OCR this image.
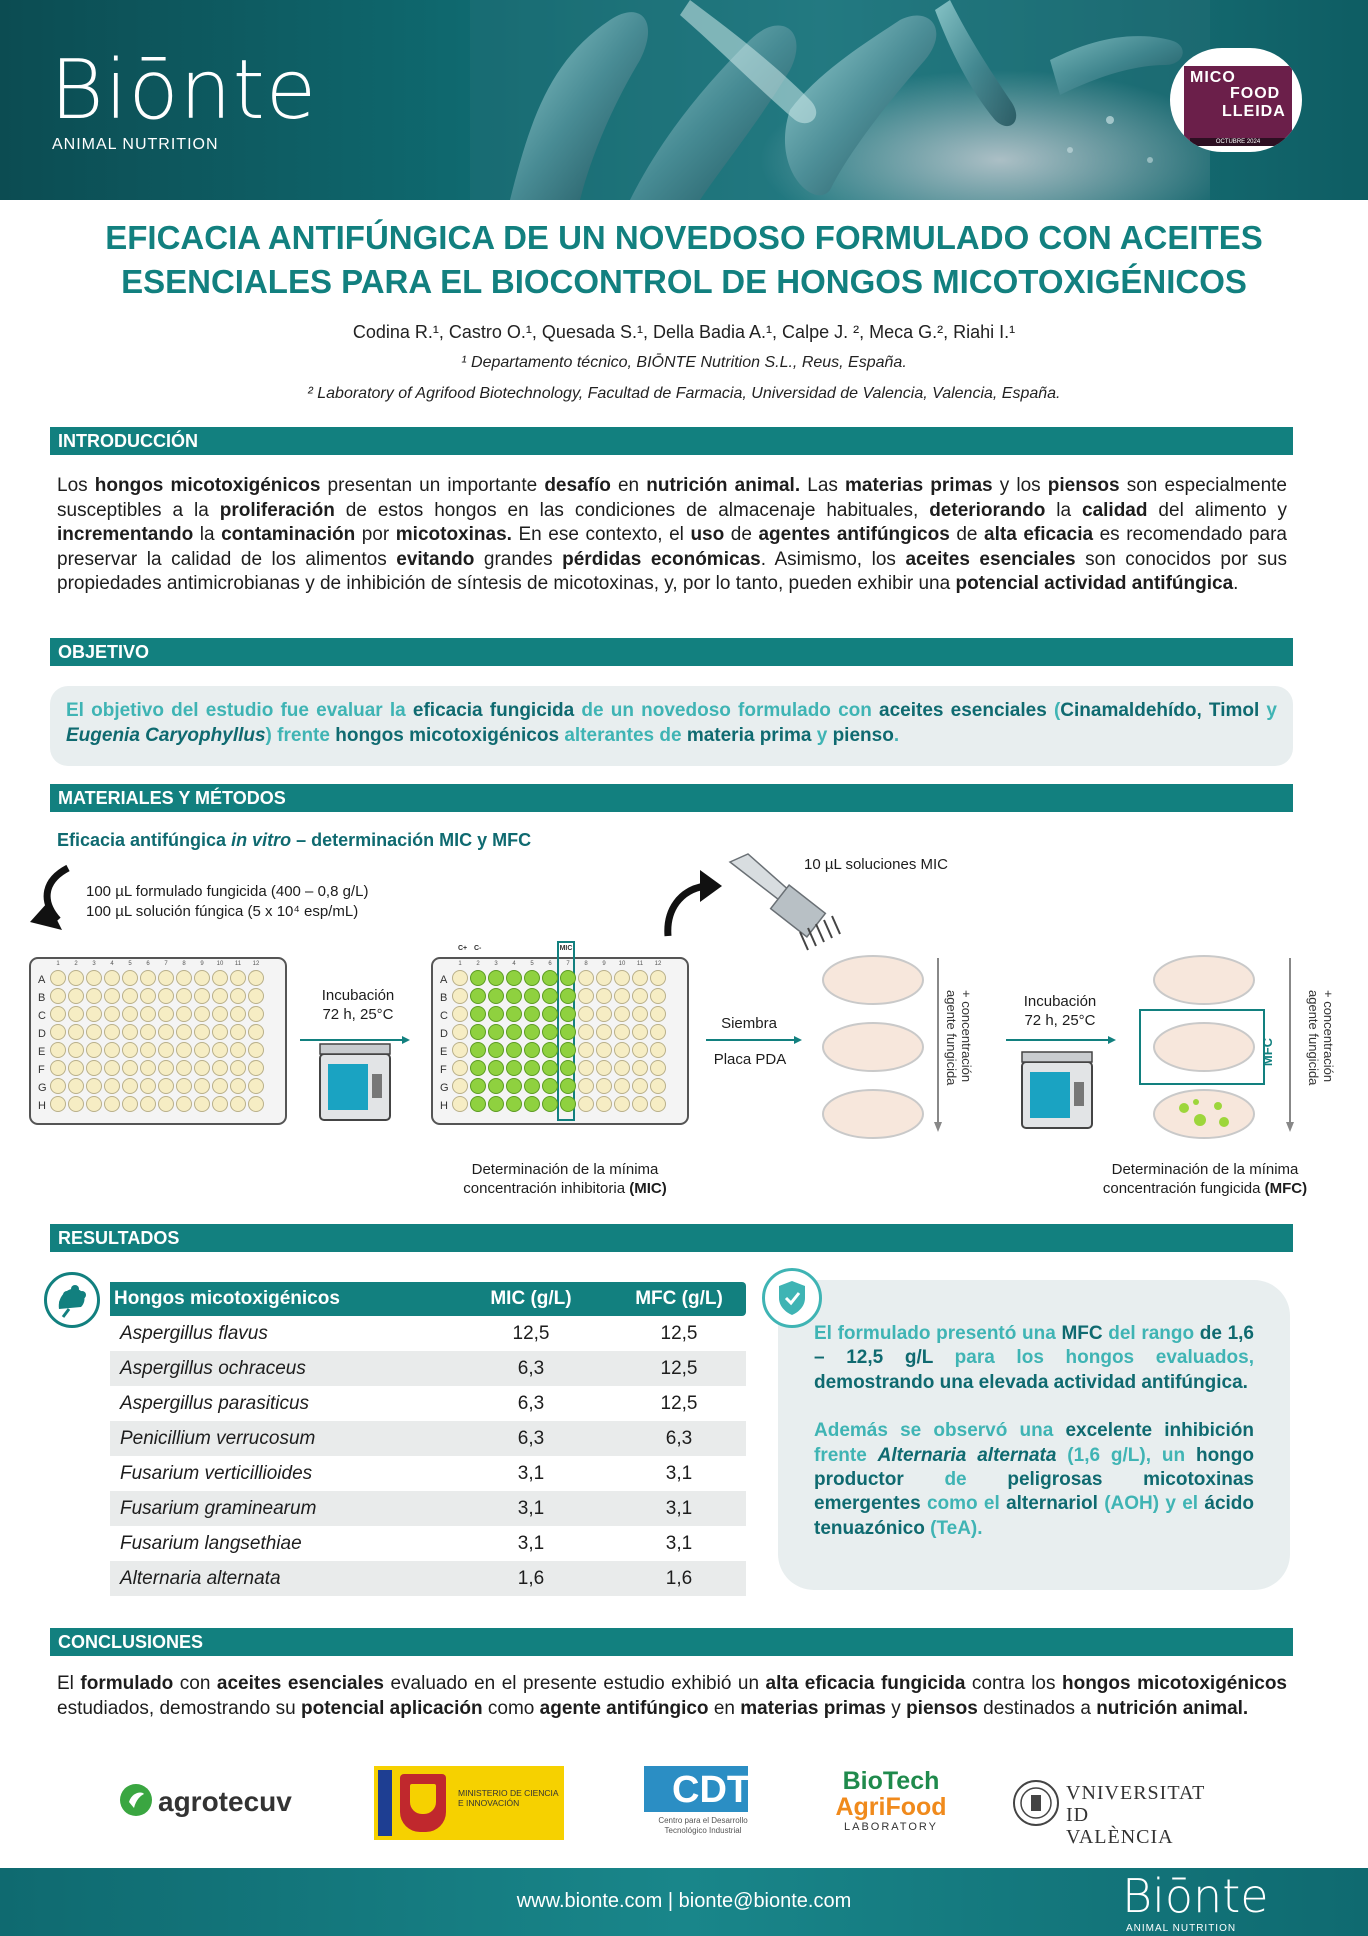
Biōnte
ANIMAL NUTRITION
MICO
FOOD
LLEIDA
OCTUBRE 2024
EFICACIA ANTIFÚNGICA DE UN NOVEDOSO FORMULADO CON ACEITES
ESENCIALES PARA EL BIOCONTROL DE HONGOS MICOTOXIGÉNICOS
Codina R.¹, Castro O.¹, Quesada S.¹, Della Badia A.¹, Calpe J. ², Meca G.², Riahi I.¹
¹ Departamento técnico, BIŌNTE Nutrition S.L., Reus, España.
² Laboratory of Agrifood Biotechnology, Facultad de Farmacia, Universidad de Valencia, Valencia, España.
INTRODUCCIÓN
Los hongos micotoxigénicos presentan un importante desafío en nutrición animal. Las materias primas y los piensos son especialmente susceptibles a la proliferación de estos hongos en las condiciones de almacenaje habituales, deteriorando la calidad del alimento y incrementando la contaminación por micotoxinas. En ese contexto, el uso de agentes antifúngicos de alta eficacia es recomendado para preservar la calidad de los alimentos evitando grandes pérdidas económicas. Asimismo, los aceites esenciales son conocidos por sus propiedades antimicrobianas y de inhibición de síntesis de micotoxinas, y, por lo tanto, pueden exhibir una potencial actividad antifúngica.
OBJETIVO
El objetivo del estudio fue evaluar la eficacia fungicida de un novedoso formulado con aceites esenciales (Cinamaldehído, Timol y Eugenia Caryophyllus) frente hongos micotoxigénicos alterantes de materia prima y pienso.
MATERIALES Y MÉTODOS
Eficacia antifúngica in vitro – determinación MIC y MFC
100 µL formulado fungicida (400 – 0,8 g/L)
100 µL solución fúngica (5 x 10⁴ esp/mL)
10 µL soluciones MIC
Incubación
72 h, 25°C
Incubación
72 h, 25°C
Siembra
Placa PDA	+ concentración agente fungicida	+ concentración agente fungicida
A
B
C
D
E
F
G
H
1 2 3 4 5 6 7 8 9 10 11 12
A
B
C
D
E
F
G
H
1 2 3 4 5 6 7 8 9 10 11 12
MIC
C+ C-
MFC
Determinación de la mínima
concentración inhibitoria (MIC)
Determinación de la mínima
concentración fungicida (MFC)
RESULTADOS
Hongos micotoxigénicos	MIC (g/L)	MFC (g/L)
Aspergillus flavus	12,5	12,5
Aspergillus ochraceus	6,3	12,5
Aspergillus parasiticus	6,3	12,5
Penicillium verrucosum	6,3	6,3
Fusarium verticillioides	3,1	3,1
Fusarium graminearum	3,1	3,1
Fusarium langsethiae	3,1	3,1
Alternaria alternata	1,6	1,6
El formulado presentó una MFC del rango de 1,6 – 12,5 g/L para los hongos evaluados, demostrando una elevada actividad antifúngica.
Además se observó una excelente inhibición frente Alternaria alternata (1,6 g/L), un hongo productor de peligrosas micotoxinas emergentes como el alternariol (AOH) y el ácido tenuazónico (TeA).
CONCLUSIONES
El formulado con aceites esenciales evaluado en el presente estudio exhibió un alta eficacia fungicida contra los hongos micotoxigénicos estudiados, demostrando su potencial aplicación como agente antifúngico en materias primas y piensos destinados a nutrición animal.
agrotecuv	MINISTERIO DE CIENCIA E INNOVACIÓN	CDTI
Centro para el Desarrollo Tecnológico Industrial
BioTech
AgriFood
LABORATORY
VNIVERSITAT
ID VALÈNCIA
www.bionte.com | bionte@bionte.com	Biōnte
ANIMAL NUTRITION
